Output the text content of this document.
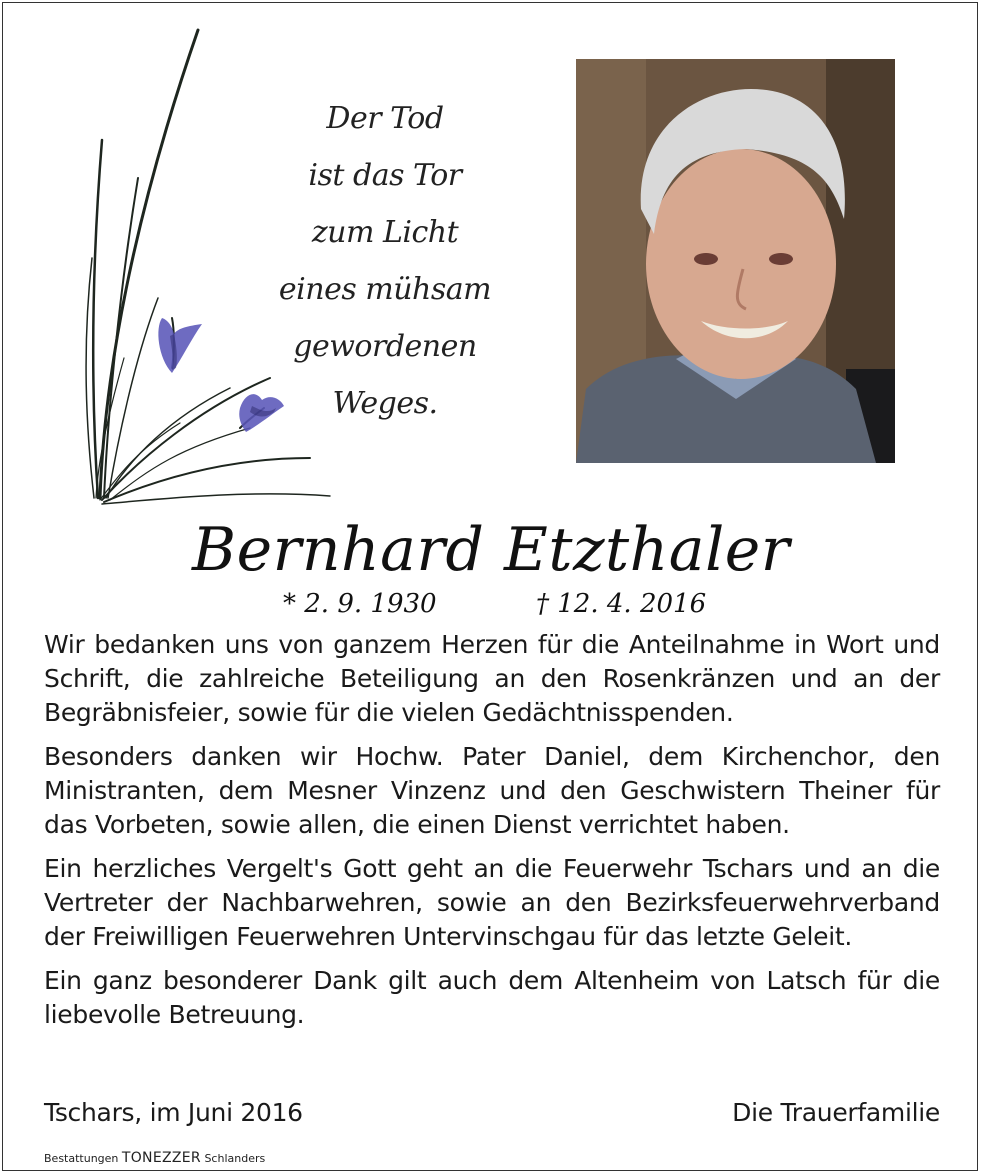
Der Tod
ist das Tor
zum Licht
eines mühsam
gewordenen
Weges.
Bernhard Etzthaler
* 2. 9. 1930	† 12. 4. 2016

Wir bedanken uns von ganzem Herzen für die Anteilnahme in Wort und Schrift, die zahlreiche Beteiligung an den Rosenkränzen und an der Begräbnisfeier, sowie für die vielen Gedächtnisspenden.

Besonders danken wir Hochw. Pater Daniel, dem Kirchenchor, den Ministranten, dem Mesner Vinzenz und den Geschwistern Theiner für das Vorbeten, sowie allen, die einen Dienst verrichtet haben.

Ein herzliches Vergelt's Gott geht an die Feuerwehr Tschars und an die Vertreter der Nachbarwehren, sowie an den Bezirksfeuerwehrverband der Freiwilligen Feuerwehren Untervinschgau für das letzte Geleit.

Ein ganz besonderer Dank gilt auch dem Altenheim von Latsch für die liebevolle Betreuung.

Tschars, im Juni 2016	Die Trauerfamilie
Bestattungen TONEZZER Schlanders
